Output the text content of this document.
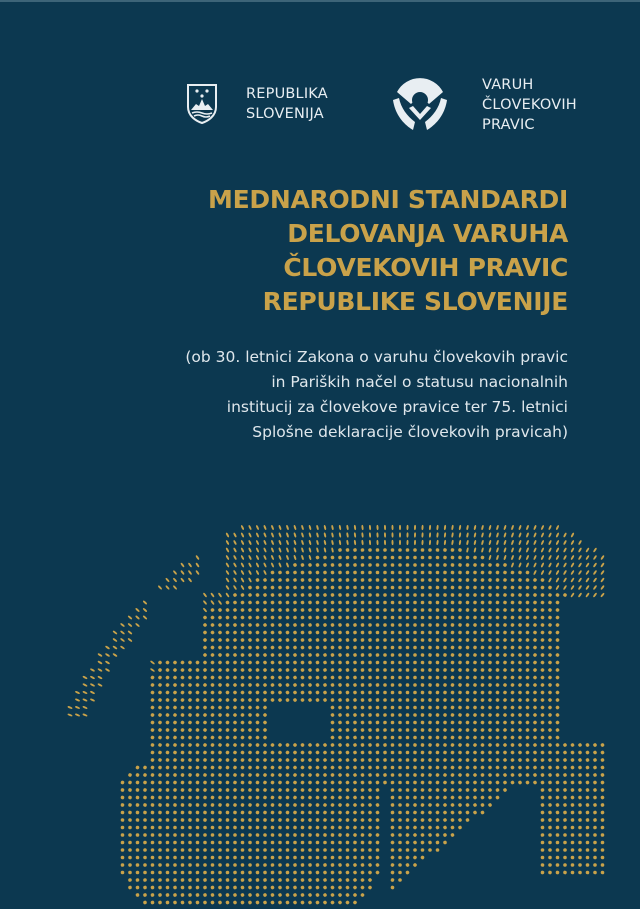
REPUBLIKA
SLOVENIJA
VARUH
ČLOVEKOVIH
PRAVIC
MEDNARODNI STANDARDI
DELOVANJA VARUHA
ČLOVEKOVIH PRAVIC
REPUBLIKE SLOVENIJE
(ob 30. letnici Zakona o varuhu človekovih pravic
in Pariških načel o statusu nacionalnih
institucij za človekove pravice ter 75. letnici
Splošne deklaracije človekovih pravicah)
